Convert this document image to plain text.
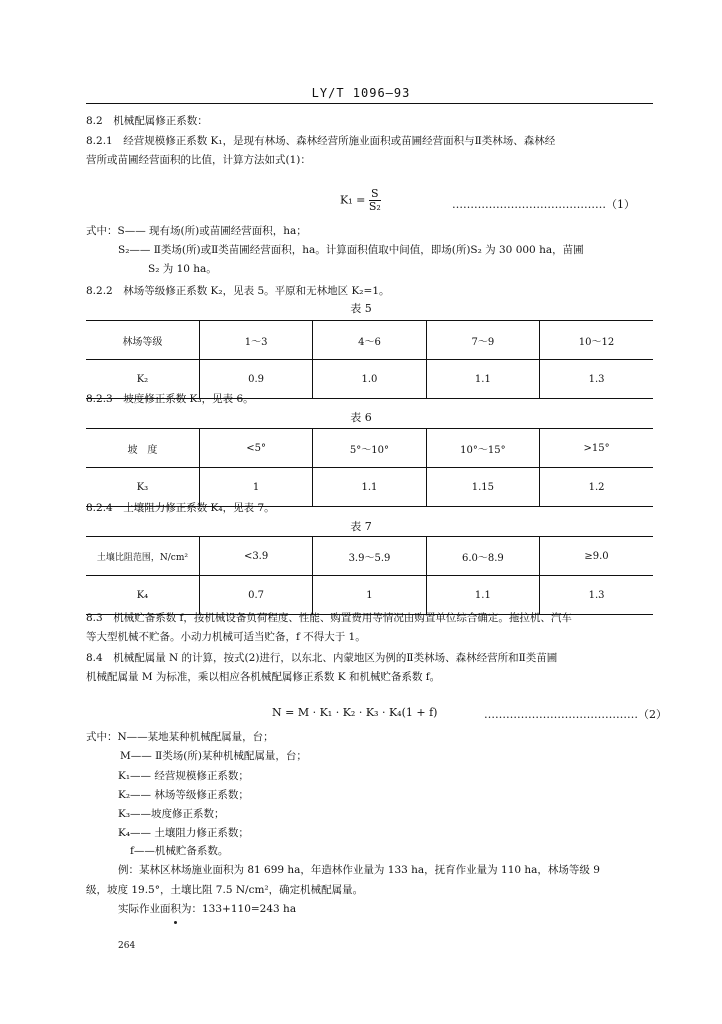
LY/T 1096—93
8.2　机械配属修正系数：
8.2.1　经营规模修正系数 K₁，是现有林场、森林经营所施业面积或苗圃经营面积与Ⅱ类林场、森林经
营所或苗圃经营面积的比值，计算方法如式(1)：
$K_1 = \frac{S}{\text{S₂}}$	……………………………………（1）
式中：S—— 现有场(所)或苗圃经营面积，ha；
S₂—— Ⅱ类场(所)或Ⅱ类苗圃经营面积，ha。计算面积值取中间值，即场(所)S₂ 为 30 000 ha，苗圃
S₂ 为 10 ha。
8.2.2　林场等级修正系数 K₂，见表 5。平原和无林地区 K₂=1。
表 5
林场等级	1～3	4～6	7～9	10～12
K₂	0.9	1.0	1.1	1.3
8.2.3　坡度修正系数 K₃，见表 6。
表 6
坡　度	<5°	5°～10°	10°～15°	>15°
K₃	1	1.1	1.15	1.2
8.2.4　土壤阻力修正系数 K₄，见表 7。
表 7
土壤比阻范围，N/cm²	<3.9	3.9～5.9	6.0～8.9	≥9.0
K₄	0.7	1	1.1	1.3
8.3　机械贮备系数 f，按机械设备负荷程度、性能、购置费用等情况由购置单位综合确定。拖拉机、汽车
等大型机械不贮备。小动力机械可适当贮备，f 不得大于 1。
8.4　机械配属量 N 的计算，按式(2)进行，以东北、内蒙地区为例的Ⅱ类林场、森林经营所和Ⅱ类苗圃
机械配属量 M 为标准，乘以相应各机械配属修正系数 K 和机械贮备系数 f。
N = M · K₁ · K₂ · K₃ · K₄(1 + f)	……………………………………（2）
式中：N——某地某种机械配属量，台；
M—— Ⅱ类场(所)某种机械配属量，台；
K₁—— 经营规模修正系数；
K₂—— 林场等级修正系数；
K₃——坡度修正系数；
K₄—— 土壤阻力修正系数；
f——机械贮备系数。
例：某林区林场施业面积为 81 699 ha，年造林作业量为 133 ha，抚育作业量为 110 ha，林场等级 9
级，坡度 19.5°，土壤比阻 7.5 N/cm²，确定机械配属量。
实际作业面积为：133+110=243 ha
264
